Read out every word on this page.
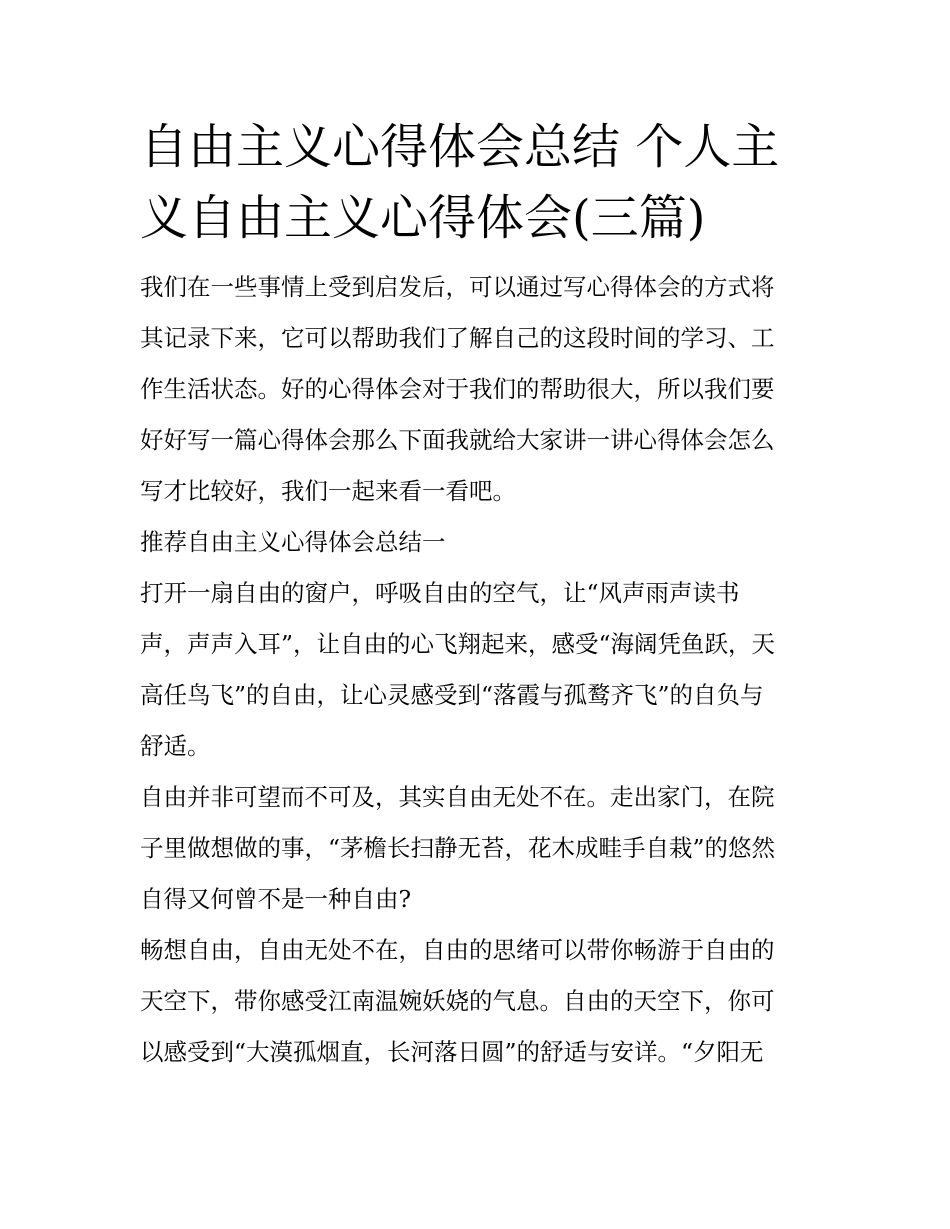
自由主义心得体会总结 个人主
义自由主义心得体会(三篇)
我们在一些事情上受到启发后，可以通过写心得体会的方式将
其记录下来，它可以帮助我们了解自己的这段时间的学习、工
作生活状态。好的心得体会对于我们的帮助很大，所以我们要
好好写一篇心得体会那么下面我就给大家讲一讲心得体会怎么
写才比较好，我们一起来看一看吧。
推荐自由主义心得体会总结一
打开一扇自由的窗户，呼吸自由的空气，让“风声雨声读书
声，声声入耳”，让自由的心飞翔起来，感受“海阔凭鱼跃，天
高任鸟飞”的自由，让心灵感受到“落霞与孤鹜齐飞”的自负与
舒适。
自由并非可望而不可及，其实自由无处不在。走出家门，在院
子里做想做的事，“茅檐长扫静无苔，花木成畦手自栽”的悠然
自得又何曾不是一种自由?
畅想自由，自由无处不在，自由的思绪可以带你畅游于自由的
天空下，带你感受江南温婉妖娆的气息。自由的天空下，你可
以感受到“大漠孤烟直，长河落日圆”的舒适与安详。“夕阳无
